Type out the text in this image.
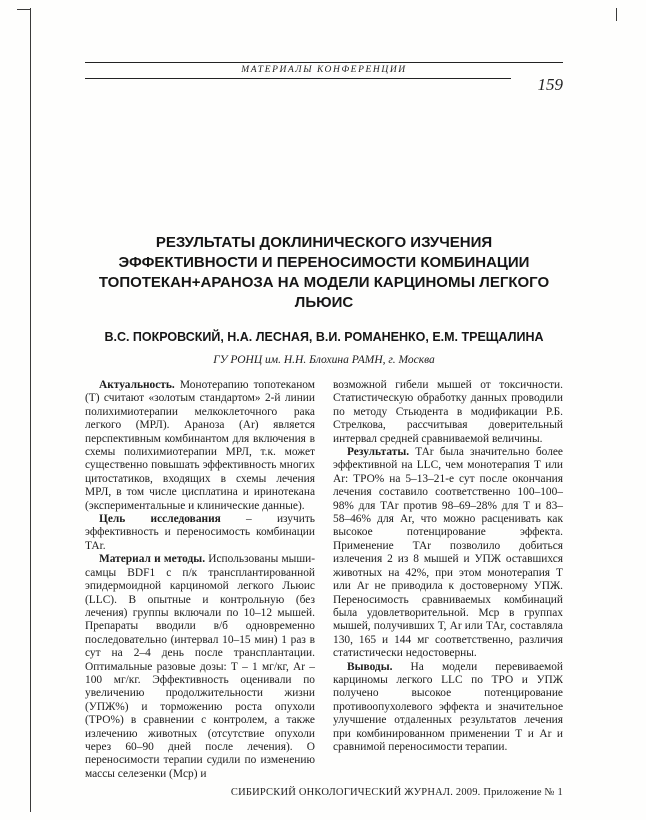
МАТЕРИАЛЫ КОНФЕРЕНЦИИ
159
РЕЗУЛЬТАТЫ ДОКЛИНИЧЕСКОГО ИЗУЧЕНИЯ ЭФФЕКТИВНОСТИ И ПЕРЕНОСИМОСТИ КОМБИНАЦИИ ТОПОТЕКАН+АРАНОЗА НА МОДЕЛИ КАРЦИНОМЫ ЛЕГКОГО ЛЬЮИС
В.С. ПОКРОВСКИЙ, Н.А. ЛЕСНАЯ, В.И. РОМАНЕНКО, Е.М. ТРЕЩАЛИНА
ГУ РОНЦ им. Н.Н. Блохина РАМН, г. Москва

Актуальность. Монотерапию топотеканом (Т) считают «золотым стандартом» 2-й линии полихимиотерапии мелкоклеточного рака легкого (МРЛ). Араноза (Аr) является перспективным комбинантом для включения в схемы полихимиотерапии МРЛ, т.к. может существенно повышать эффективность многих цитостатиков, входящих в схемы лечения МРЛ, в том числе цисплатина и иринотекана (экспериментальные и клинические данные).

Цель исследования – изучить эффективность и переносимость комбинации ТАr.

Материал и методы. Использованы мыши-самцы BDF1 с п/к трансплантированной эпидермоидной карциномой легкого Льюис (LLC). В опытные и контрольную (без лечения) группы включали по 10–12 мышей. Препараты вводили в/б одновременно последовательно (интервал 10–15 мин) 1 раз в сут на 2–4 день после трансплантации. Оптимальные разовые дозы: Т – 1 мг/кг, Аr – 100 мг/кг. Эффективность оценивали по увеличению продолжительности жизни (УПЖ%) и торможению роста опухоли (ТРО%) в сравнении с контролем, а также излечению животных (отсутствие опухоли через 60–90 дней после лечения). О переносимости терапии судили по изменению массы селезенки (Мср) и

возможной гибели мышей от токсичности. Статистическую обработку данных проводили по методу Стьюдента в модификации Р.Б. Стрелкова, рассчитывая доверительный интервал средней сравниваемой величины.

Результаты. ТАr была значительно более эффективной на LLC, чем монотерапия Т или Аr: ТРО% на 5–13–21-е сут после окончания лечения составило соответственно 100–100–98% для ТАr против 98–69–28% для Т и 83–58–46% для Аr, что можно расценивать как высокое потенцирование эффекта. Применение ТАr позволило добиться излечения 2 из 8 мышей и УПЖ оставшихся животных на 42%, при этом монотерапия Т или Аr не приводила к достоверному УПЖ. Переносимость сравниваемых комбинаций была удовлетворительной. Мср в группах мышей, получивших Т, Аr или ТАr, составляла 130, 165 и 144 мг соответственно, различия статистически недостоверны.

Выводы. На модели перевиваемой карциномы легкого LLC по ТРО и УПЖ получено высокое потенцирование противоопухолевого эффекта и значительное улучшение отдаленных результатов лечения при комбинированном применении Т и Аr и сравнимой переносимости терапии.

СИБИРСКИЙ ОНКОЛОГИЧЕСКИЙ ЖУРНАЛ. 2009. Приложение № 1
